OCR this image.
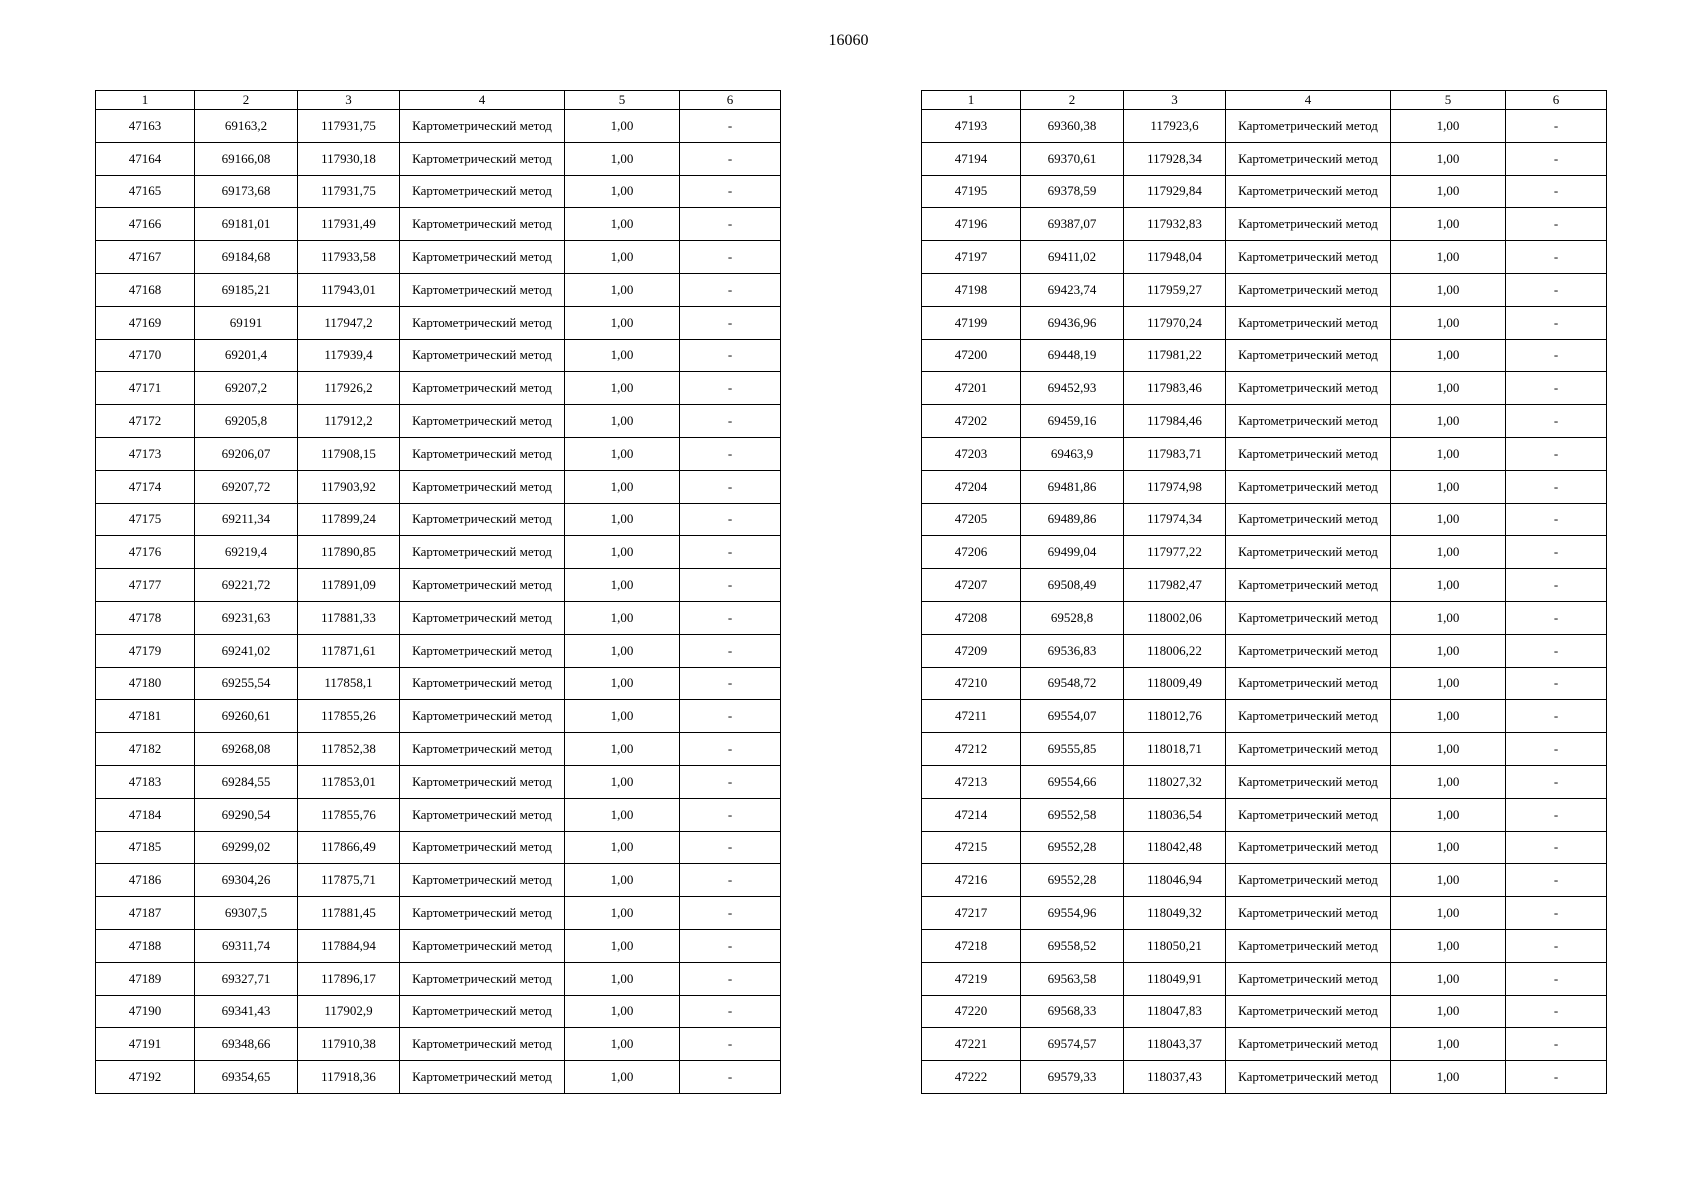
16060
1	2	3	4	5	6
47163	69163,2	117931,75	Картометрический метод	1,00	-
47164	69166,08	117930,18	Картометрический метод	1,00	-
47165	69173,68	117931,75	Картометрический метод	1,00	-
47166	69181,01	117931,49	Картометрический метод	1,00	-
47167	69184,68	117933,58	Картометрический метод	1,00	-
47168	69185,21	117943,01	Картометрический метод	1,00	-
47169	69191	117947,2	Картометрический метод	1,00	-
47170	69201,4	117939,4	Картометрический метод	1,00	-
47171	69207,2	117926,2	Картометрический метод	1,00	-
47172	69205,8	117912,2	Картометрический метод	1,00	-
47173	69206,07	117908,15	Картометрический метод	1,00	-
47174	69207,72	117903,92	Картометрический метод	1,00	-
47175	69211,34	117899,24	Картометрический метод	1,00	-
47176	69219,4	117890,85	Картометрический метод	1,00	-
47177	69221,72	117891,09	Картометрический метод	1,00	-
47178	69231,63	117881,33	Картометрический метод	1,00	-
47179	69241,02	117871,61	Картометрический метод	1,00	-
47180	69255,54	117858,1	Картометрический метод	1,00	-
47181	69260,61	117855,26	Картометрический метод	1,00	-
47182	69268,08	117852,38	Картометрический метод	1,00	-
47183	69284,55	117853,01	Картометрический метод	1,00	-
47184	69290,54	117855,76	Картометрический метод	1,00	-
47185	69299,02	117866,49	Картометрический метод	1,00	-
47186	69304,26	117875,71	Картометрический метод	1,00	-
47187	69307,5	117881,45	Картометрический метод	1,00	-
47188	69311,74	117884,94	Картометрический метод	1,00	-
47189	69327,71	117896,17	Картометрический метод	1,00	-
47190	69341,43	117902,9	Картометрический метод	1,00	-
47191	69348,66	117910,38	Картометрический метод	1,00	-
47192	69354,65	117918,36	Картометрический метод	1,00	-
1	2	3	4	5	6
47193	69360,38	117923,6	Картометрический метод	1,00	-
47194	69370,61	117928,34	Картометрический метод	1,00	-
47195	69378,59	117929,84	Картометрический метод	1,00	-
47196	69387,07	117932,83	Картометрический метод	1,00	-
47197	69411,02	117948,04	Картометрический метод	1,00	-
47198	69423,74	117959,27	Картометрический метод	1,00	-
47199	69436,96	117970,24	Картометрический метод	1,00	-
47200	69448,19	117981,22	Картометрический метод	1,00	-
47201	69452,93	117983,46	Картометрический метод	1,00	-
47202	69459,16	117984,46	Картометрический метод	1,00	-
47203	69463,9	117983,71	Картометрический метод	1,00	-
47204	69481,86	117974,98	Картометрический метод	1,00	-
47205	69489,86	117974,34	Картометрический метод	1,00	-
47206	69499,04	117977,22	Картометрический метод	1,00	-
47207	69508,49	117982,47	Картометрический метод	1,00	-
47208	69528,8	118002,06	Картометрический метод	1,00	-
47209	69536,83	118006,22	Картометрический метод	1,00	-
47210	69548,72	118009,49	Картометрический метод	1,00	-
47211	69554,07	118012,76	Картометрический метод	1,00	-
47212	69555,85	118018,71	Картометрический метод	1,00	-
47213	69554,66	118027,32	Картометрический метод	1,00	-
47214	69552,58	118036,54	Картометрический метод	1,00	-
47215	69552,28	118042,48	Картометрический метод	1,00	-
47216	69552,28	118046,94	Картометрический метод	1,00	-
47217	69554,96	118049,32	Картометрический метод	1,00	-
47218	69558,52	118050,21	Картометрический метод	1,00	-
47219	69563,58	118049,91	Картометрический метод	1,00	-
47220	69568,33	118047,83	Картометрический метод	1,00	-
47221	69574,57	118043,37	Картометрический метод	1,00	-
47222	69579,33	118037,43	Картометрический метод	1,00	-
